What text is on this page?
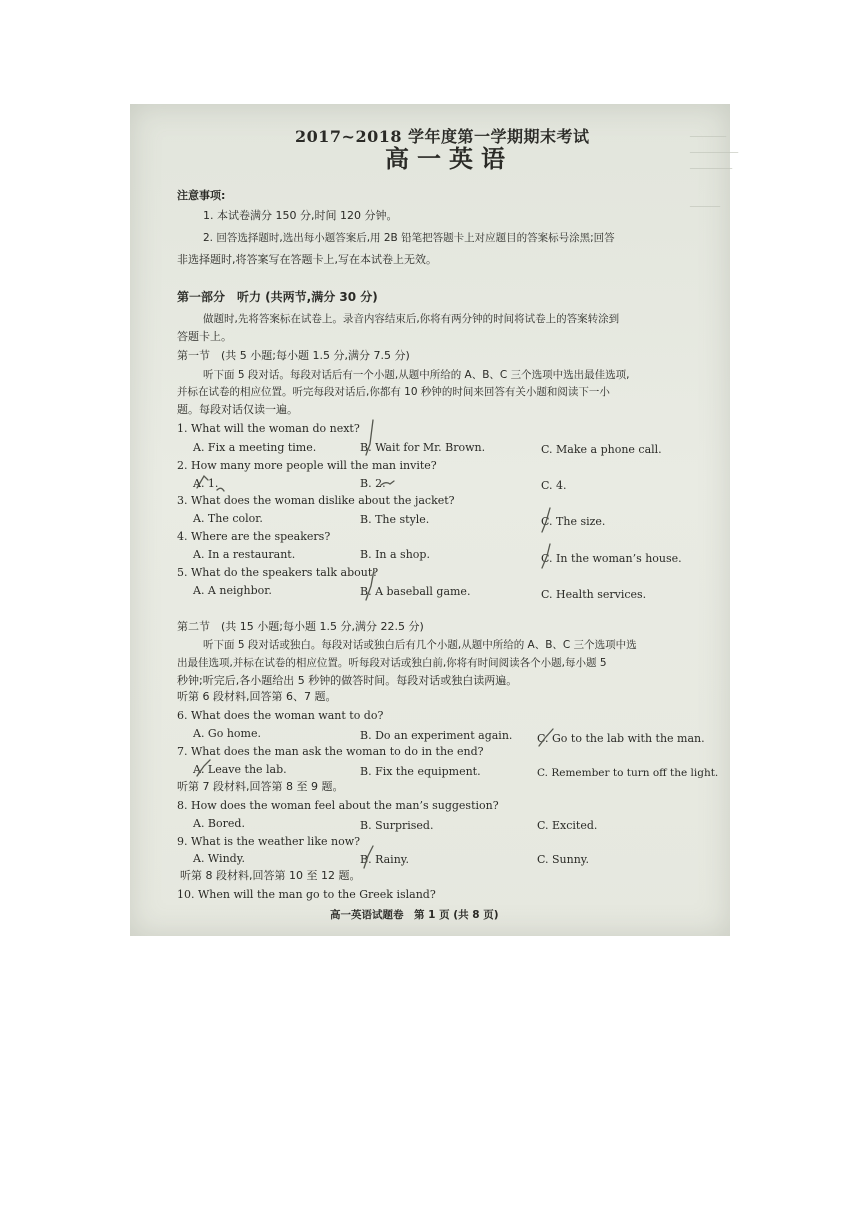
──────
────────
───────
─────
2017~2018 学年度第一学期期末考试
高一英语
注意事项:
1. 本试卷满分 150 分,时间 120 分钟。
2. 回答选择题时,选出每小题答案后,用 2B 铅笔把答题卡上对应题目的答案标号涂黑;回答
非选择题时,将答案写在答题卡上,写在本试卷上无效。
第一部分　听力 (共两节,满分 30 分)
做题时,先将答案标在试卷上。录音内容结束后,你将有两分钟的时间将试卷上的答案转涂到
答题卡上。
第一节　(共 5 小题;每小题 1.5 分,满分 7.5 分)
听下面 5 段对话。每段对话后有一个小题,从题中所给的 A、B、C 三个选项中选出最佳选项,
并标在试卷的相应位置。听完每段对话后,你都有 10 秒钟的时间来回答有关小题和阅读下一小
题。每段对话仅读一遍。
1. What will the woman do next?
A. Fix a meeting time.	B. Wait for Mr. Brown.	C. Make a phone call.
2. How many more people will the man invite?
A. 1.	B. 2.	C. 4.
3. What does the woman dislike about the jacket?
A. The color.	B. The style.	C. The size.
4. Where are the speakers?
A. In a restaurant.	B. In a shop.	C. In the woman’s house.
5. What do the speakers talk about?
A. A neighbor.	B. A baseball game.	C. Health services.
第二节　(共 15 小题;每小题 1.5 分,满分 22.5 分)
听下面 5 段对话或独白。每段对话或独白后有几个小题,从题中所给的 A、B、C 三个选项中选
出最佳选项,并标在试卷的相应位置。听每段对话或独白前,你将有时间阅读各个小题,每小题 5
秒钟;听完后,各小题给出 5 秒钟的做答时间。每段对话或独白读两遍。
听第 6 段材料,回答第 6、7 题。
6. What does the woman want to do?
A. Go home.	B. Do an experiment again. C. Go to the lab with the man.
7. What does the man ask the woman to do in the end?
A. Leave the lab.	B. Fix the equipment.	C. Remember to turn off the light.
听第 7 段材料,回答第 8 至 9 题。
8. How does the woman feel about the man’s suggestion?
A. Bored.	B. Surprised.	C. Excited.
9. What is the weather like now?
A. Windy.	B. Rainy.	C. Sunny.
听第 8 段材料,回答第 10 至 12 题。
10. When will the man go to the Greek island?
高一英语试题卷　第 1 页 (共 8 页)
